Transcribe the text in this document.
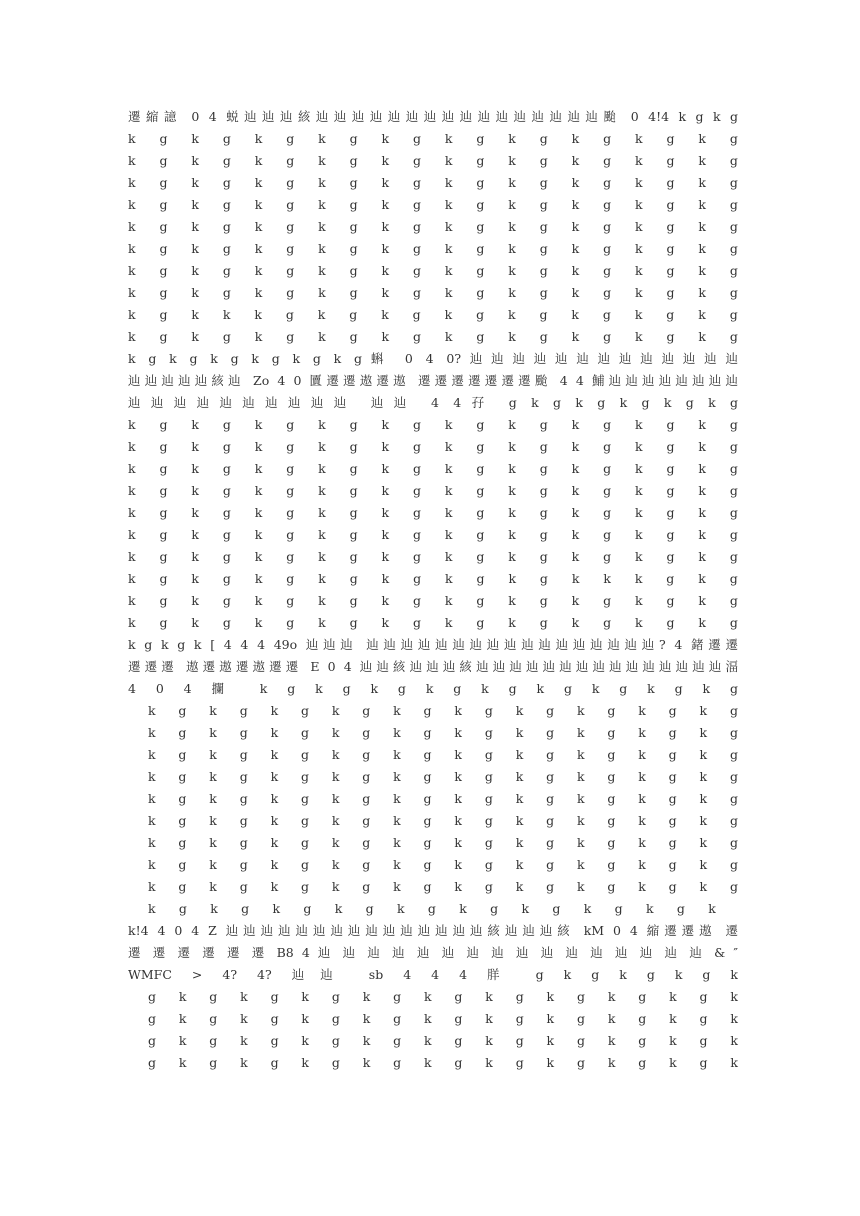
遷縮譩 0 4 蜕辿辿辿絯辿辿辿辿辿辿辿辿辿辿辿辿辿辿辿辿颱 0 4!4 k g k g
k g k g k g k g k g k g k g k g k g k g
k g k g k g k g k g k g k g k g k g k g
k g k g k g k g k g k g k g k g k g k g
k g k g k g k g k g k g k g k g k g k g
k g k g k g k g k g k g k g k g k g k g
k g k g k g k g k g k g k g k g k g k g
k g k g k g k g k g k g k g k g k g k g
k g k g k g k g k g k g k g k g k g k g
k g k k k g k g k g k g k g k g k g k g
k g k g k g k g k g k g k g k g k g k g
k g k g k g k g k g k g蝌 0 4 0?辿辿辿辿辿辿辿辿辿辿辿辿辿
辿辿辿辿辿絯辿 Zo 4 0 匵遷遷遨遷遨 遷遷遷遷遷遷遷颱 4 4 鯆辿辿辿辿辿辿辿辿
辿辿辿辿辿辿辿辿辿辿 辿辿 4 4孖 g k g k g k g k g k g
k g k g k g k g k g k g k g k g k g k g
k g k g k g k g k g k g k g k g k g k g
k g k g k g k g k g k g k g k g k g k g
k g k g k g k g k g k g k g k g k g k g
k g k g k g k g k g k g k g k g k g k g
k g k g k g k g k g k g k g k g k g k g
k g k g k g k g k g k g k g k g k g k g
k g k g k g k g k g k g k g k k k g k g
k g k g k g k g k g k g k g k g k g k g
k g k g k g k g k g k g k g k g k g k g
k g k g k [ 4 4 4 49o 辿辿辿 辿辿辿辿辿辿辿辿辿辿辿辿辿辿辿辿辿? 4 鍺遷遷
遷遷遷 遨遷遨遷遨遷遷 E 0 4 辿辿絯辿辿辿絯辿辿辿辿辿辿辿辿辿辿辿辿辿辿辿湢
4 0 4 攔 k g k g k g k g k g k g k g k g k g
k g k g k g k g k g k g k g k g k g k g
k g k g k g k g k g k g k g k g k g k g
k g k g k g k g k g k g k g k g k g k g
k g k g k g k g k g k g k g k g k g k g
k g k g k g k g k g k g k g k g k g k g
k g k g k g k g k g k g k g k g k g k g
k g k g k g k g k g k g k g k g k g k g
k g k g k g k g k g k g k g k g k g k g
k g k g k g k g k g k g k g k g k g k g
k g k g k g k g k g k g k g k g k g k
k!4 4 0 4 Z 辿辿辿辿辿辿辿辿辿辿辿辿辿辿辿絯辿辿辿絯 kM 0 4 縮遷遷遨 遷
遷 遷 遷 遷 遷 遷 B8 4 辿 辿 辿 辿 辿 辿 辿 辿 辿 辿 辿 辿 辿 辿 辿 辿 & ″
WMFC > 4? 4? 辿辿 sb 4 4 4 羘 g k g k g k g k
g k g k g k g k g k g k g k g k g k g k
g k g k g k g k g k g k g k g k g k g k
g k g k g k g k g k g k g k g k g k g k
g k g k g k g k g k g k g k g k g k g k
